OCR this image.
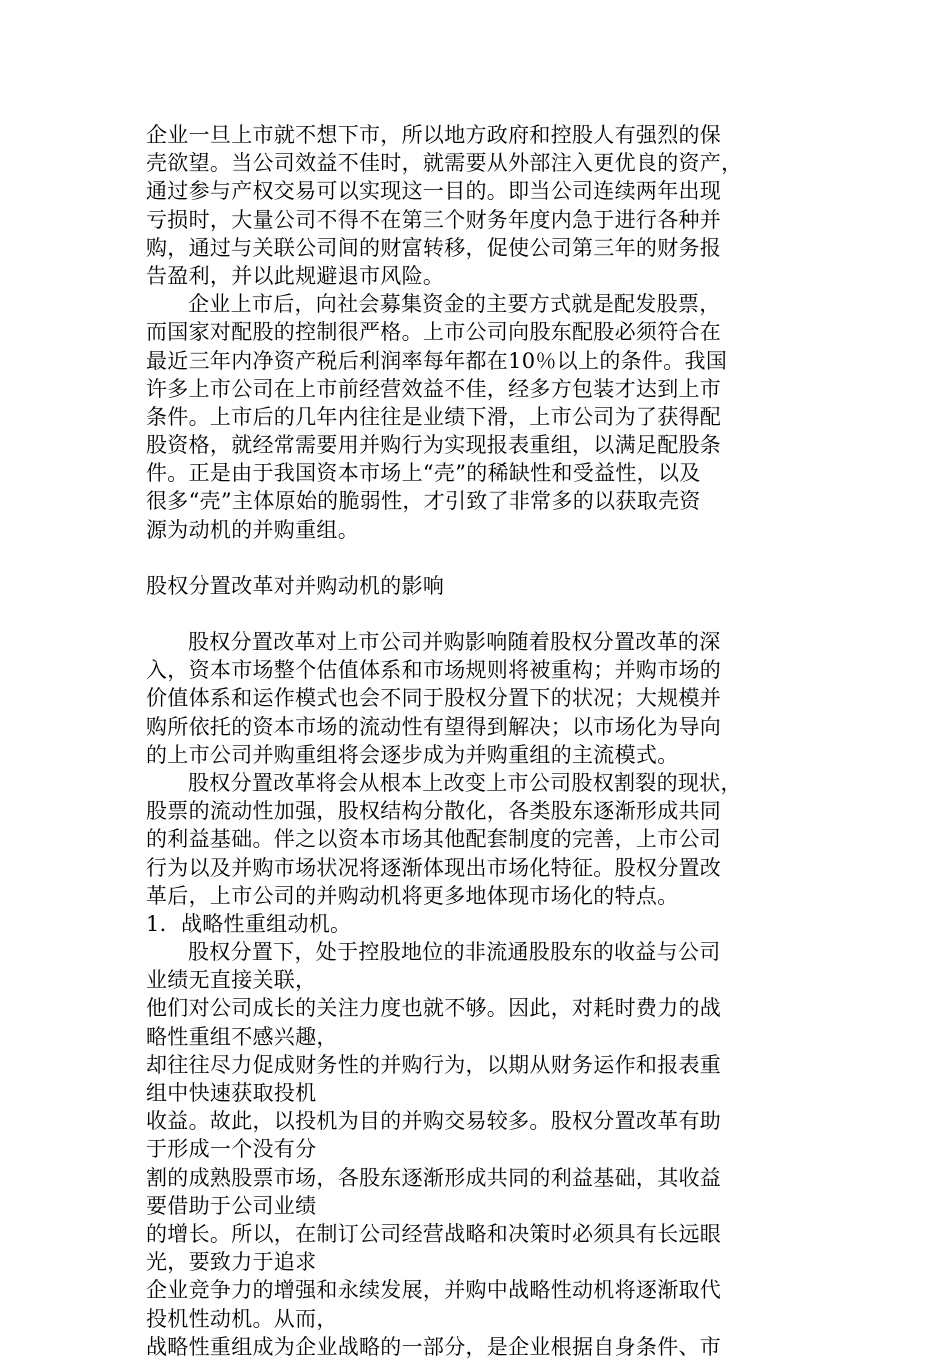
企业一旦上市就不想下市，所以地方政府和控股人有强烈的保
壳欲望。当公司效益不佳时，就需要从外部注入更优良的资产，
通过参与产权交易可以实现这一目的。即当公司连续两年出现
亏损时，大量公司不得不在第三个财务年度内急于进行各种并
购，通过与关联公司间的财富转移，促使公司第三年的财务报
告盈利，并以此规避退市风险。
企业上市后，向社会募集资金的主要方式就是配发股票，
而国家对配股的控制很严格。上市公司向股东配股必须符合在
最近三年内净资产税后利润率每年都在10％以上的条件。我国
许多上市公司在上市前经营效益不佳，经多方包装才达到上市
条件。上市后的几年内往往是业绩下滑，上市公司为了获得配
股资格，就经常需要用并购行为实现报表重组，以满足配股条
件。正是由于我国资本市场上“壳”的稀缺性和受益性，以及
很多“壳”主体原始的脆弱性，才引致了非常多的以获取壳资
源为动机的并购重组。
股权分置改革对并购动机的影响
股权分置改革对上市公司并购影响随着股权分置改革的深
入，资本市场整个估值体系和市场规则将被重构；并购市场的
价值体系和运作模式也会不同于股权分置下的状况；大规模并
购所依托的资本市场的流动性有望得到解决；以市场化为导向
的上市公司并购重组将会逐步成为并购重组的主流模式。
股权分置改革将会从根本上改变上市公司股权割裂的现状，
股票的流动性加强，股权结构分散化，各类股东逐渐形成共同
的利益基础。伴之以资本市场其他配套制度的完善，上市公司
行为以及并购市场状况将逐渐体现出市场化特征。股权分置改
革后，上市公司的并购动机将更多地体现市场化的特点。
1．战略性重组动机。
股权分置下，处于控股地位的非流通股股东的收益与公司
业绩无直接关联，
他们对公司成长的关注力度也就不够。因此，对耗时费力的战
略性重组不感兴趣，
却往往尽力促成财务性的并购行为，以期从财务运作和报表重
组中快速获取投机
收益。故此，以投机为目的并购交易较多。股权分置改革有助
于形成一个没有分
割的成熟股票市场，各股东逐渐形成共同的利益基础，其收益
要借助于公司业绩
的增长。所以，在制订公司经营战略和决策时必须具有长远眼
光，要致力于追求
企业竞争力的增强和永续发展，并购中战略性动机将逐渐取代
投机性动机。从而，
战略性重组成为企业战略的一部分，是企业根据自身条件、市
